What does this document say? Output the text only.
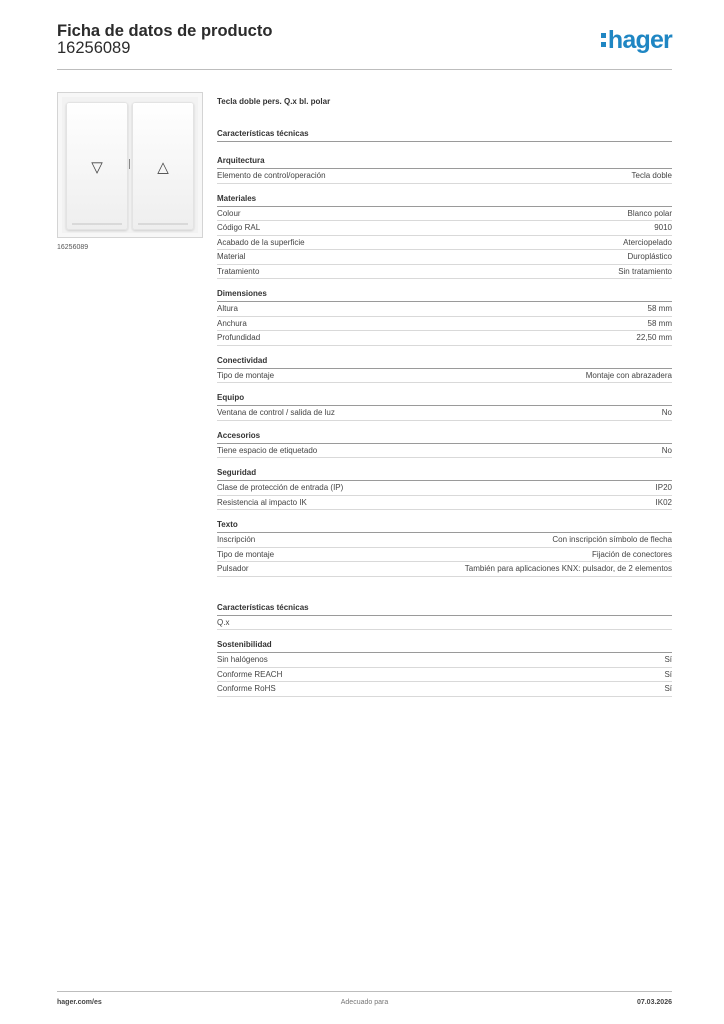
Ficha de datos de producto
16256089	hager
▽	△
16256089
Tecla doble pers. Q.x bl. polar
Características técnicas
Arquitectura
Elemento de control/operación	Tecla doble
Materiales
Colour	Blanco polar
Código RAL	9010
Acabado de la superficie	Aterciopelado
Material	Duroplástico
Tratamiento	Sin tratamiento
Dimensiones
Altura	58 mm
Anchura	58 mm
Profundidad	22,50 mm
Conectividad
Tipo de montaje	Montaje con abrazadera
Equipo
Ventana de control / salida de luz	No
Accesorios
Tiene espacio de etiquetado	No
Seguridad
Clase de protección de entrada (IP)	IP20
Resistencia al impacto IK	IK02
Texto
Inscripción	Con inscripción símbolo de flecha
Tipo de montaje	Fijación de conectores
Pulsador	También para aplicaciones KNX: pulsador, de 2 elementos
Características técnicas
Q.x
Sostenibilidad
Sin halógenos	Sí
Conforme REACH	Sí
Conforme RoHS	Sí
hager.com/es	Adecuado para	07.03.2026
